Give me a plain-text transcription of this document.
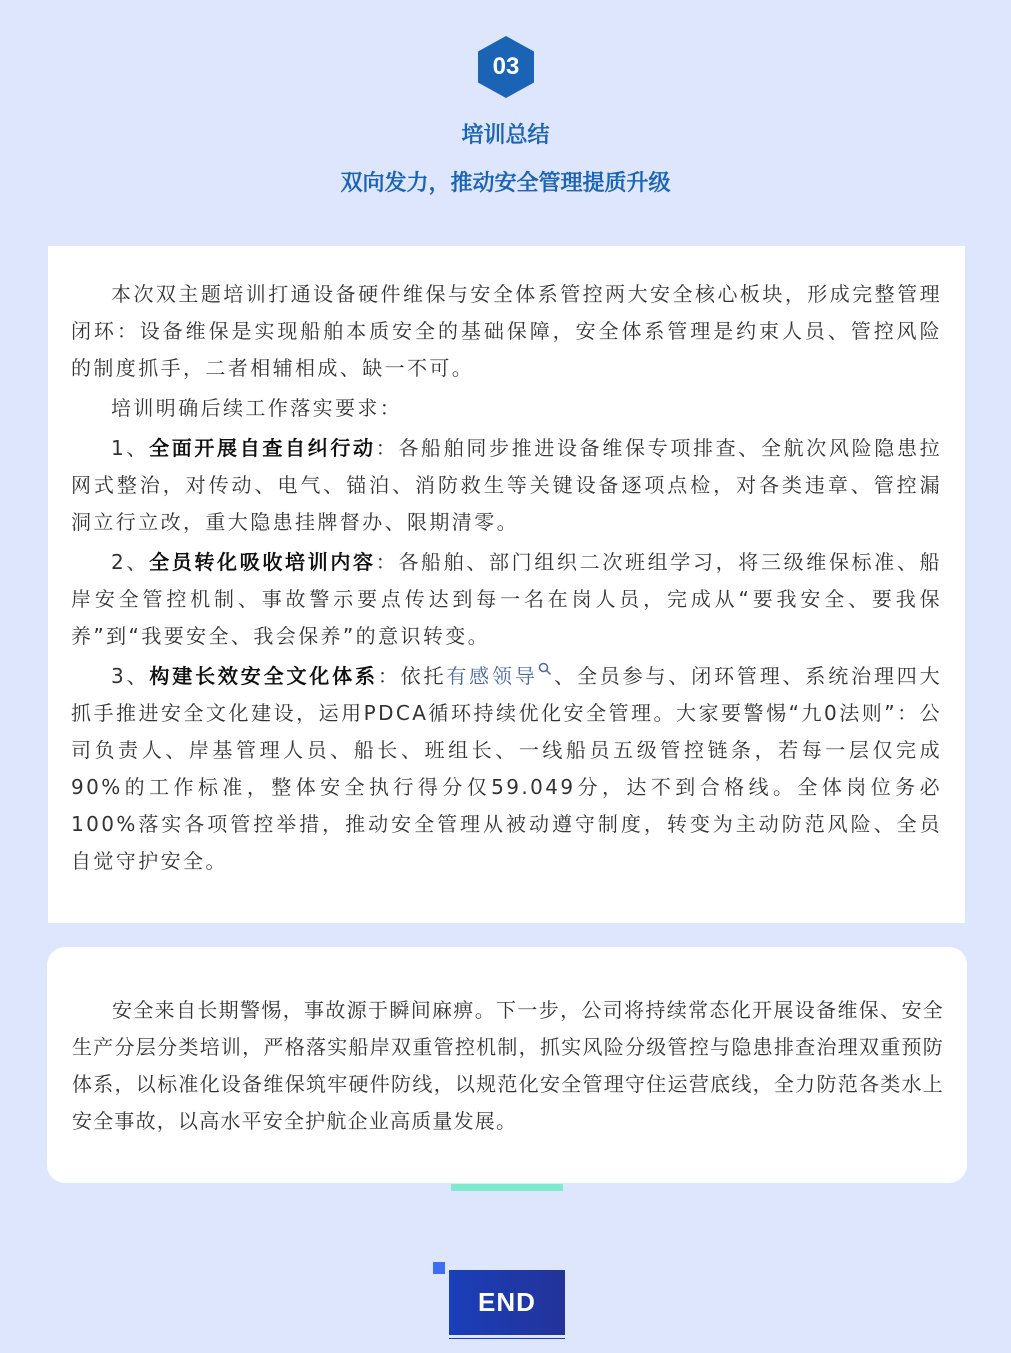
03
培训总结
双向发力，推动安全管理提质升级

本次双主题培训打通设备硬件维保与安全体系管控两大安全核心板块，形成完整管理闭环：设备维保是实现船舶本质安全的基础保障，安全体系管理是约束人员、管控风险的制度抓手，二者相辅相成、缺一不可。

培训明确后续工作落实要求：

1、全面开展自查自纠行动：各船舶同步推进设备维保专项排查、全航次风险隐患拉网式整治，对传动、电气、锚泊、消防救生等关键设备逐项点检，对各类违章、管控漏洞立行立改，重大隐患挂牌督办、限期清零。

2、全员转化吸收培训内容：各船舶、部门组织二次班组学习，将三级维保标准、船岸安全管控机制、事故警示要点传达到每一名在岗人员，完成从“要我安全、要我保养”到“我要安全、我会保养”的意识转变。

3、构建长效安全文化体系：依托有感领导 、全员参与、闭环管理、系统治理四大抓手推进安全文化建设，运用PDCA循环持续优化安全管理。大家要警惕“九0法则”：公司负责人、岸基管理人员、船长、班组长、一线船员五级管控链条，若每一层仅完成90%的工作标准，整体安全执行得分仅59.049分，达不到合格线。全体岗位务必100%落实各项管控举措，推动安全管理从被动遵守制度，转变为主动防范风险、全员自觉守护安全。

安全来自长期警惕，事故源于瞬间麻痹。下一步，公司将持续常态化开展设备维保、安全生产分层分类培训，严格落实船岸双重管控机制，抓实风险分级管控与隐患排查治理双重预防体系，以标准化设备维保筑牢硬件防线，以规范化安全管理守住运营底线，全力防范各类水上安全事故，以高水平安全护航企业高质量发展。

END
